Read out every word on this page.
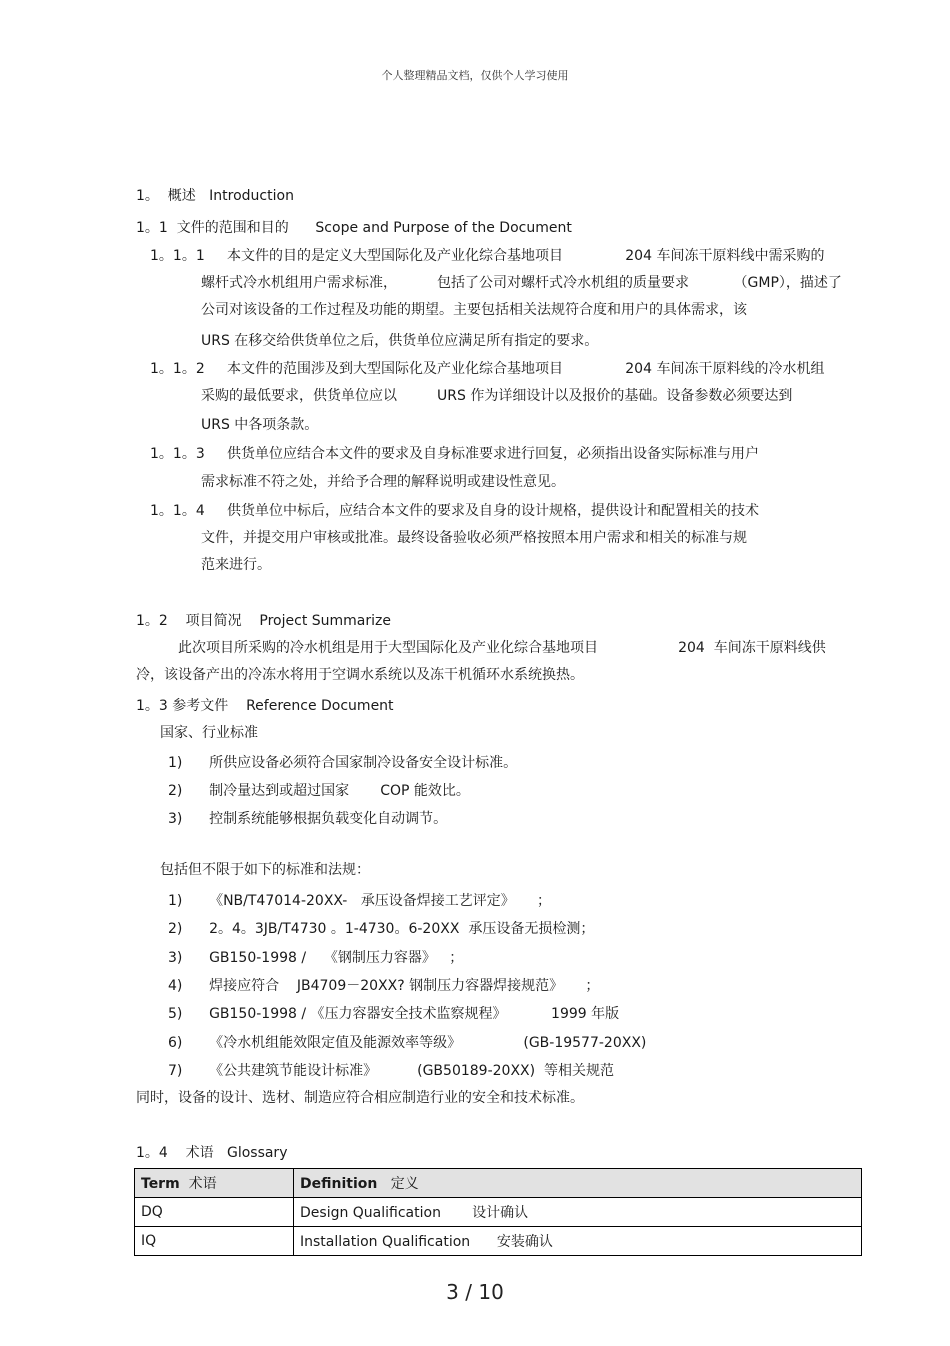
个人整理精品文档，仅供个人学习使用
1。  概述   Introduction
1。1  文件的范围和目的      Scope and Purpose of the Document
1。1。1     本文件的目的是定义大型国际化及产业化综合基地项目              204 车间冻干原料线中需采购的
螺杆式冷水机组用户需求标准，         包括了公司对螺杆式冷水机组的质量要求          （GMP），描述了
公司对该设备的工作过程及功能的期望。主要包括相关法规符合度和用户的具体需求，该
URS 在移交给供货单位之后，供货单位应满足所有指定的要求。
1。1。2     本文件的范围涉及到大型国际化及产业化综合基地项目              204 车间冻干原料线的冷水机组
采购的最低要求，供货单位应以         URS 作为详细设计以及报价的基础。设备参数必须要达到
URS 中各项条款。
1。1。3     供货单位应结合本文件的要求及自身标准要求进行回复，必须指出设备实际标准与用户
需求标准不符之处，并给予合理的解释说明或建设性意见。
1。1。4     供货单位中标后，应结合本文件的要求及自身的设计规格，提供设计和配置相关的技术
文件，并提交用户审核或批准。最终设备验收必须严格按照本用户需求和相关的标准与规
范来进行。
1。2    项目简况    Project Summarize
此次项目所采购的冷水机组是用于大型国际化及产业化综合基地项目                  204  车间冻干原料线供
冷，该设备产出的冷冻水将用于空调水系统以及冻干机循环水系统换热。
1。3 参考文件    Reference Document
国家、行业标准
1)      所供应设备必须符合国家制冷设备安全设计标准。
2)      制冷量达到或超过国家       COP 能效比。
3)      控制系统能够根据负载变化自动调节。
包括但不限于如下的标准和法规：
1)      《NB/T47014-20XX-   承压设备焊接工艺评定》     ；
2)      2。4。3JB/T4730 。1-4730。6-20XX  承压设备无损检测；
3)      GB150-1998 /    《钢制压力容器》   ；
4)      焊接应符合    JB4709－20XX? 钢制压力容器焊接规范》     ；
5)      GB150-1998 / 《压力容器安全技术监察规程》          1999 年版
6)      《冷水机组能效限定值及能源效率等级》              (GB-19577-20XX)
7)      《公共建筑节能设计标准》         (GB50189-20XX)  等相关规范
同时，设备的设计、选材、制造应符合相应制造行业的安全和技术标准。
1。4    术语   Glossary
Term 术语	Definition 定义
DQ	Design Qualification       设计确认
IQ	Installation Qualification      安装确认
3 / 10
